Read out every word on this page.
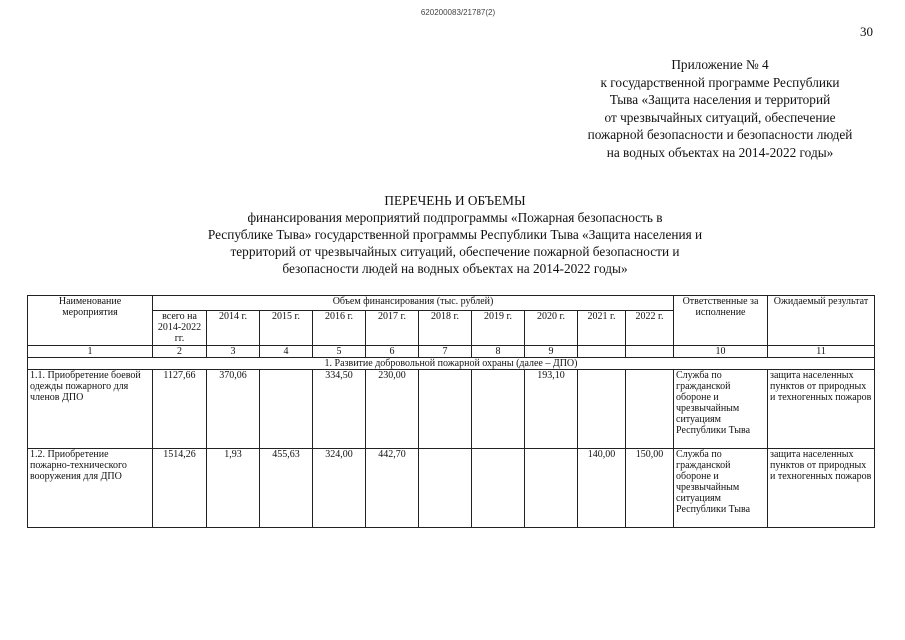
620200083/21787(2)
30
Приложение № 4
к государственной программе Республики
Тыва «Защита населения и территорий
от чрезвычайных ситуаций, обеспечение
пожарной безопасности и безопасности людей
на водных объектах на 2014-2022 годы»
ПЕРЕЧЕНЬ И ОБЪЕМЫ
финансирования мероприятий подпрограммы «Пожарная безопасность в
Республике Тыва» государственной программы Республики Тыва «Защита населения и
территорий от чрезвычайных ситуаций, обеспечение пожарной безопасности и
безопасности людей на водных объектах на 2014-2022 годы»
Наименование мероприятия	Объем финансирования (тыс. рублей)										Ответственные за исполнение	Ожидаемый результат
	всего на 2014-2022 гг.	2014 г.	2015 г.	2016 г.	2017 г.	2018 г.	2019 г.	2020 г.	2021 г.	2022 г.		
1	2	3	4	5	6	7	8	9			10	11
1. Развитие добровольной пожарной охраны (далее – ДПО)												
1.1. Приобретение боевой одежды пожарного для членов ДПО	1127,66	370,06		334,50	230,00			193,10			Служба по гражданской обороне и чрезвычайным ситуациям Республики Тыва	защита населенных пунктов от природных и техногенных пожаров
1.2. Приобретение пожарно-технического вооружения для ДПО	1514,26	1,93	455,63	324,00	442,70				140,00	150,00	Служба по гражданской обороне и чрезвычайным ситуациям Республики Тыва	защита населенных пунктов от природных и техногенных пожаров
